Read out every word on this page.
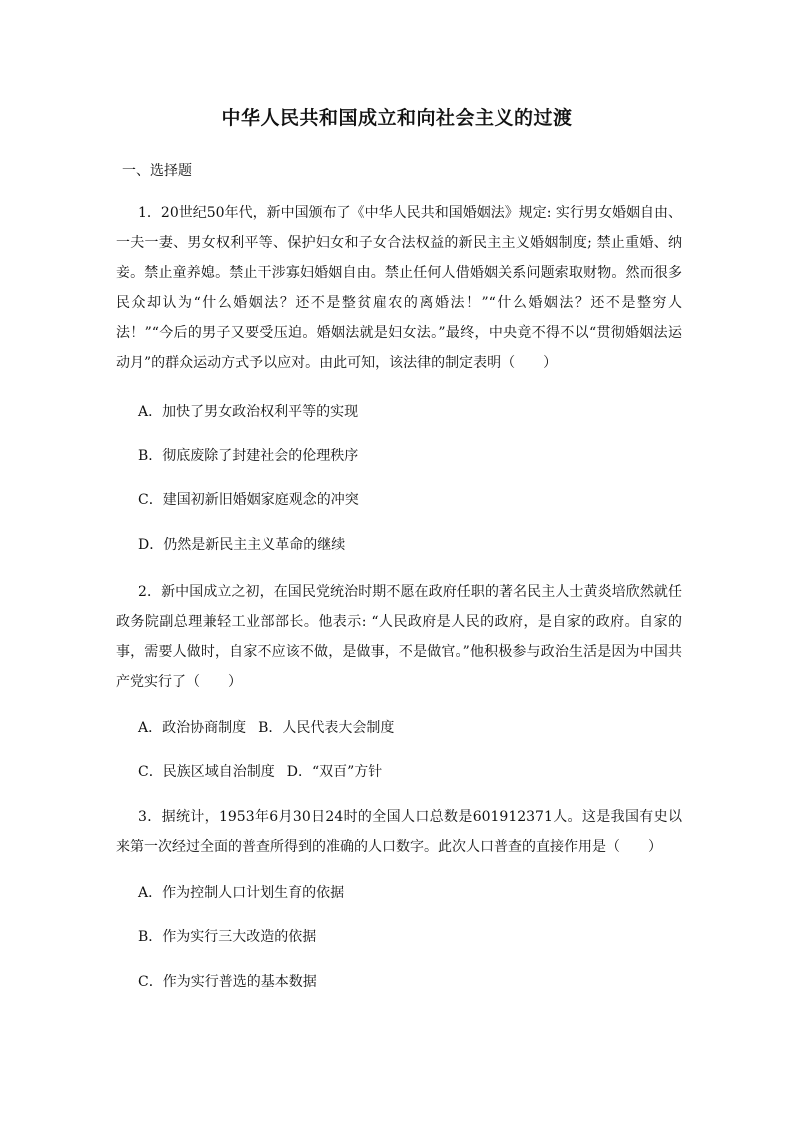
中华人民共和国成立和向社会主义的过渡
一、选择题
1．20世纪50年代，新中国颁布了《中华人民共和国婚姻法》规定: 实行男女婚姻自由、一夫一妻、男女权利平等、保护妇女和子女合法权益的新民主主义婚姻制度; 禁止重婚、纳妾。禁止童养媳。禁止干涉寡妇婚姻自由。禁止任何人借婚姻关系问题索取财物。然而很多民众却认为“什么婚姻法？还不是整贫雇农的离婚法！”“什么婚姻法？还不是整穷人法！”“今后的男子又要受压迫。婚姻法就是妇女法。”最终，中央竟不得不以“贯彻婚姻法运动月”的群众运动方式予以应对。由此可知，该法律的制定表明（　　）
A．加快了男女政治权利平等的实现
B．彻底废除了封建社会的伦理秩序
C．建国初新旧婚姻家庭观念的冲突
D．仍然是新民主主义革命的继续
2．新中国成立之初，在国民党统治时期不愿在政府任职的著名民主人士黄炎培欣然就任政务院副总理兼轻工业部部长。他表示: “人民政府是人民的政府，是自家的政府。自家的事，需要人做时，自家不应该不做，是做事，不是做官。”他积极参与政治生活是因为中国共产党实行了（　　）
A．政治协商制度 B．人民代表大会制度
C．民族区域自治制度 D．“双百”方针
3．据统计，1953年6月30日24时的全国人口总数是601912371人。这是我国有史以来第一次经过全面的普查所得到的准确的人口数字。此次人口普查的直接作用是（　　）
A．作为控制人口计划生育的依据
B．作为实行三大改造的依据
C．作为实行普选的基本数据
